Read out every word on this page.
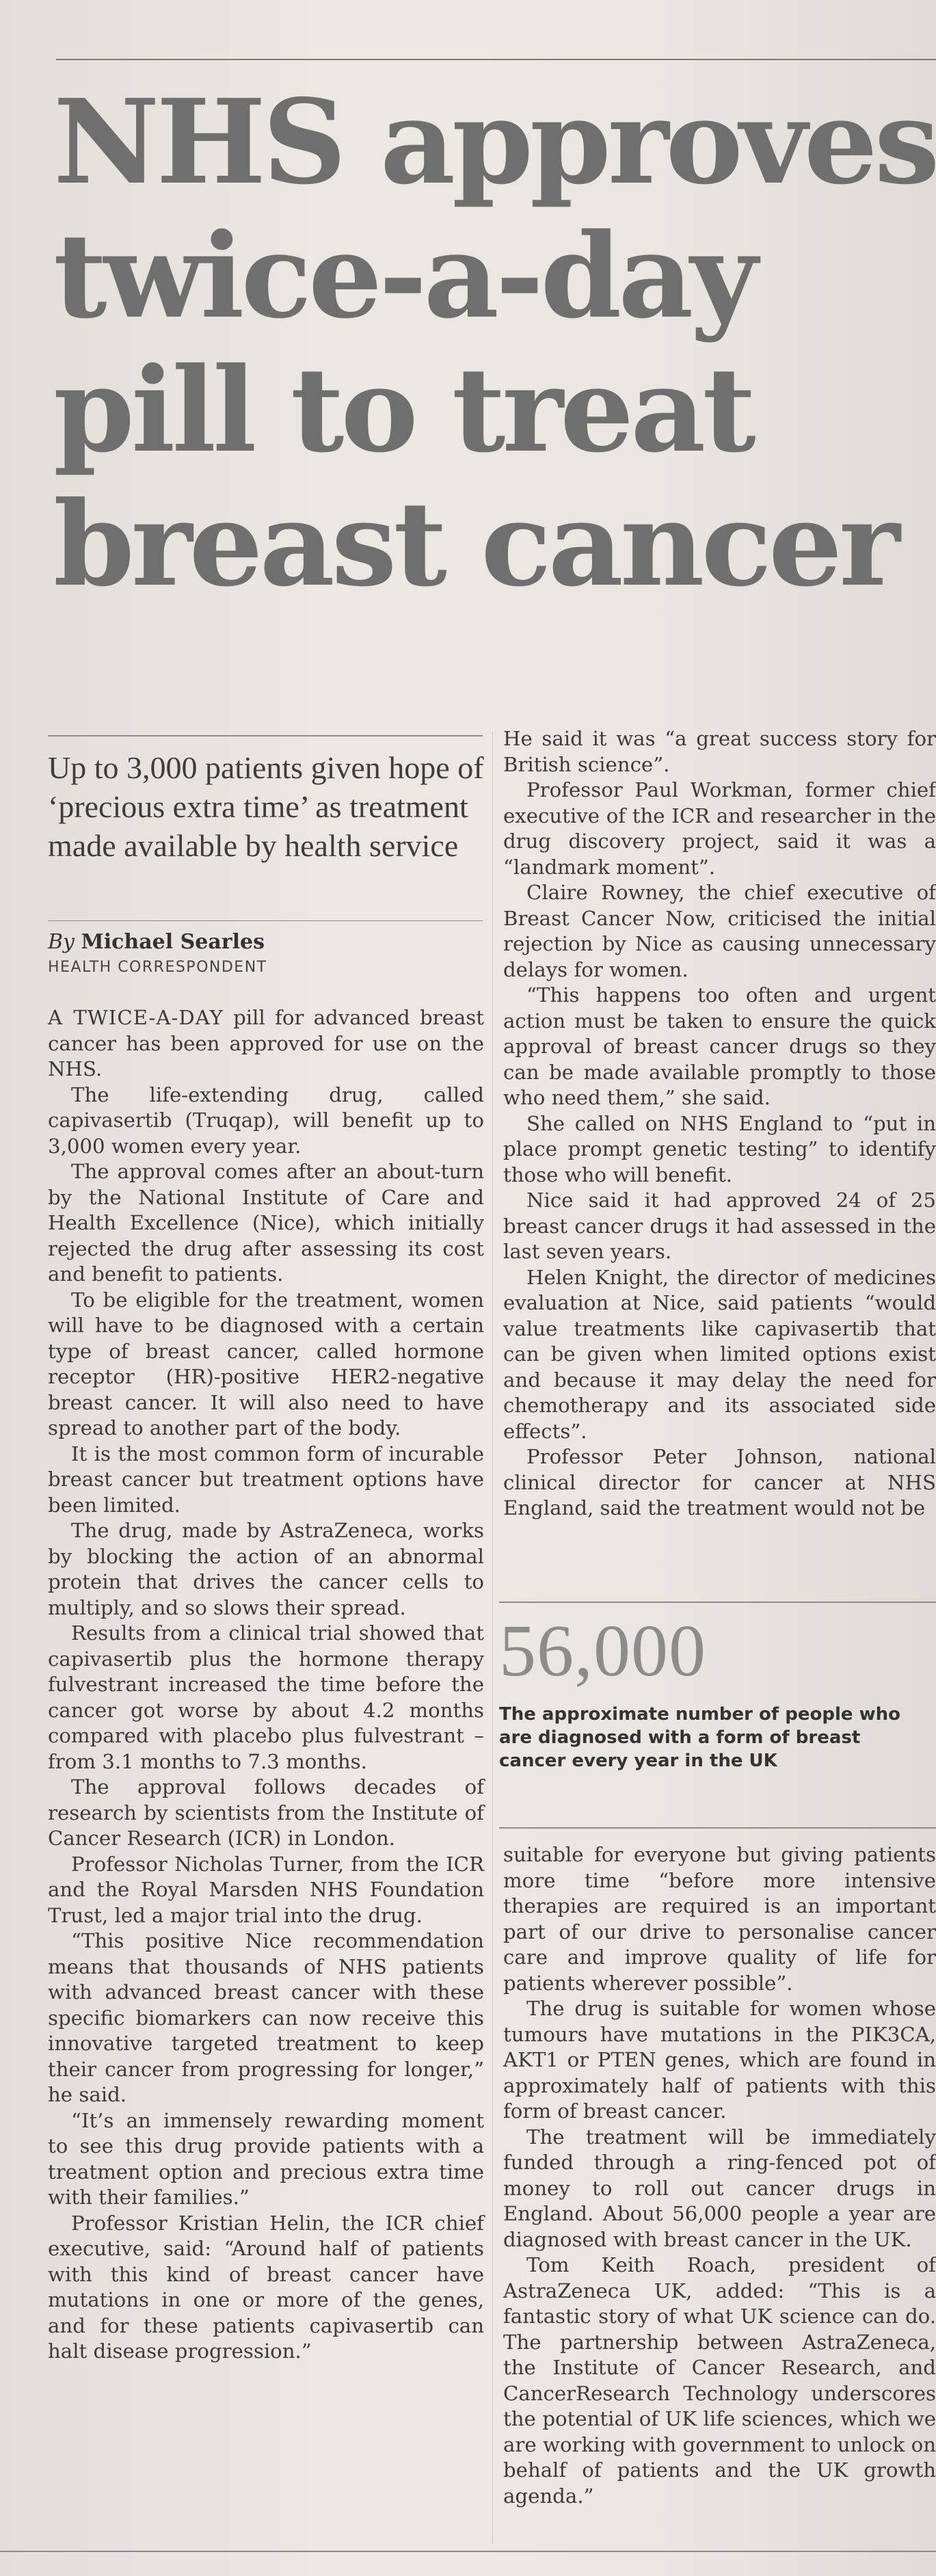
NHS approves twice-a-day pill to treat breast cancer

Up to 3,000 patients given hope of ‘precious extra time’ as treatment made available by health service

By Michael Searles
HEALTH CORRESPONDENT

A TWICE-A-DAY pill for advanced breast cancer has been approved for use on the NHS.

The life-extending drug, called capivasertib (Truqap), will benefit up to 3,000 women every year.

The approval comes after an about-turn by the National Institute of Care and Health Excellence (Nice), which initially rejected the drug after assessing its cost and benefit to patients.

To be eligible for the treatment, women will have to be diagnosed with a certain type of breast cancer, called hormone receptor (HR)-positive HER2-negative breast cancer. It will also need to have spread to another part of the body.

It is the most common form of incurable breast cancer but treatment options have been limited.

The drug, made by AstraZeneca, works by blocking the action of an abnormal protein that drives the cancer cells to multiply, and so slows their spread.

Results from a clinical trial showed that capivasertib plus the hormone therapy fulvestrant increased the time before the cancer got worse by about 4.2 months compared with placebo plus fulvestrant – from 3.1 months to 7.3 months.

The approval follows decades of research by scientists from the Institute of Cancer Research (ICR) in London.

Professor Nicholas Turner, from the ICR and the Royal Marsden NHS Foundation Trust, led a major trial into the drug.

“This positive Nice recommendation means that thousands of NHS patients with advanced breast cancer with these specific biomarkers can now receive this innovative targeted treatment to keep their cancer from progressing for longer,” he said.

“It’s an immensely rewarding moment to see this drug provide patients with a treatment option and precious extra time with their families.”

Professor Kristian Helin, the ICR chief executive, said: “Around half of patients with this kind of breast cancer have mutations in one or more of the genes, and for these patients capivasertib can halt disease progression.”

He said it was “a great success story for British science”.

Professor Paul Workman, former chief executive of the ICR and researcher in the drug discovery project, said it was a “landmark moment”.

Claire Rowney, the chief executive of Breast Cancer Now, criticised the initial rejection by Nice as causing unnecessary delays for women.

“This happens too often and urgent action must be taken to ensure the quick approval of breast cancer drugs so they can be made available promptly to those who need them,” she said.

She called on NHS England to “put in place prompt genetic testing” to identify those who will benefit.

Nice said it had approved 24 of 25 breast cancer drugs it had assessed in the last seven years.

Helen Knight, the director of medicines evaluation at Nice, said patients “would value treatments like capivasertib that can be given when limited options exist and because it may delay the need for chemotherapy and its associated side effects”.

Professor Peter Johnson, national clinical director for cancer at NHS England, said the treatment would not be

56,000
The approximate number of people who are diagnosed with a form of breast cancer every year in the UK

suitable for everyone but giving patients more time “before more intensive therapies are required is an important part of our drive to personalise cancer care and improve quality of life for patients wherever possible”.

The drug is suitable for women whose tumours have mutations in the PIK3CA, AKT1 or PTEN genes, which are found in approximately half of patients with this form of breast cancer.

The treatment will be immediately funded through a ring-fenced pot of money to roll out cancer drugs in England. About 56,000 people a year are diagnosed with breast cancer in the UK.

Tom Keith Roach, president of AstraZeneca UK, added: “This is a fantastic story of what UK science can do. The partnership between AstraZeneca, the Institute of Cancer Research, and CancerResearch Technology underscores the potential of UK life sciences, which we are working with government to unlock on behalf of patients and the UK growth agenda.”
